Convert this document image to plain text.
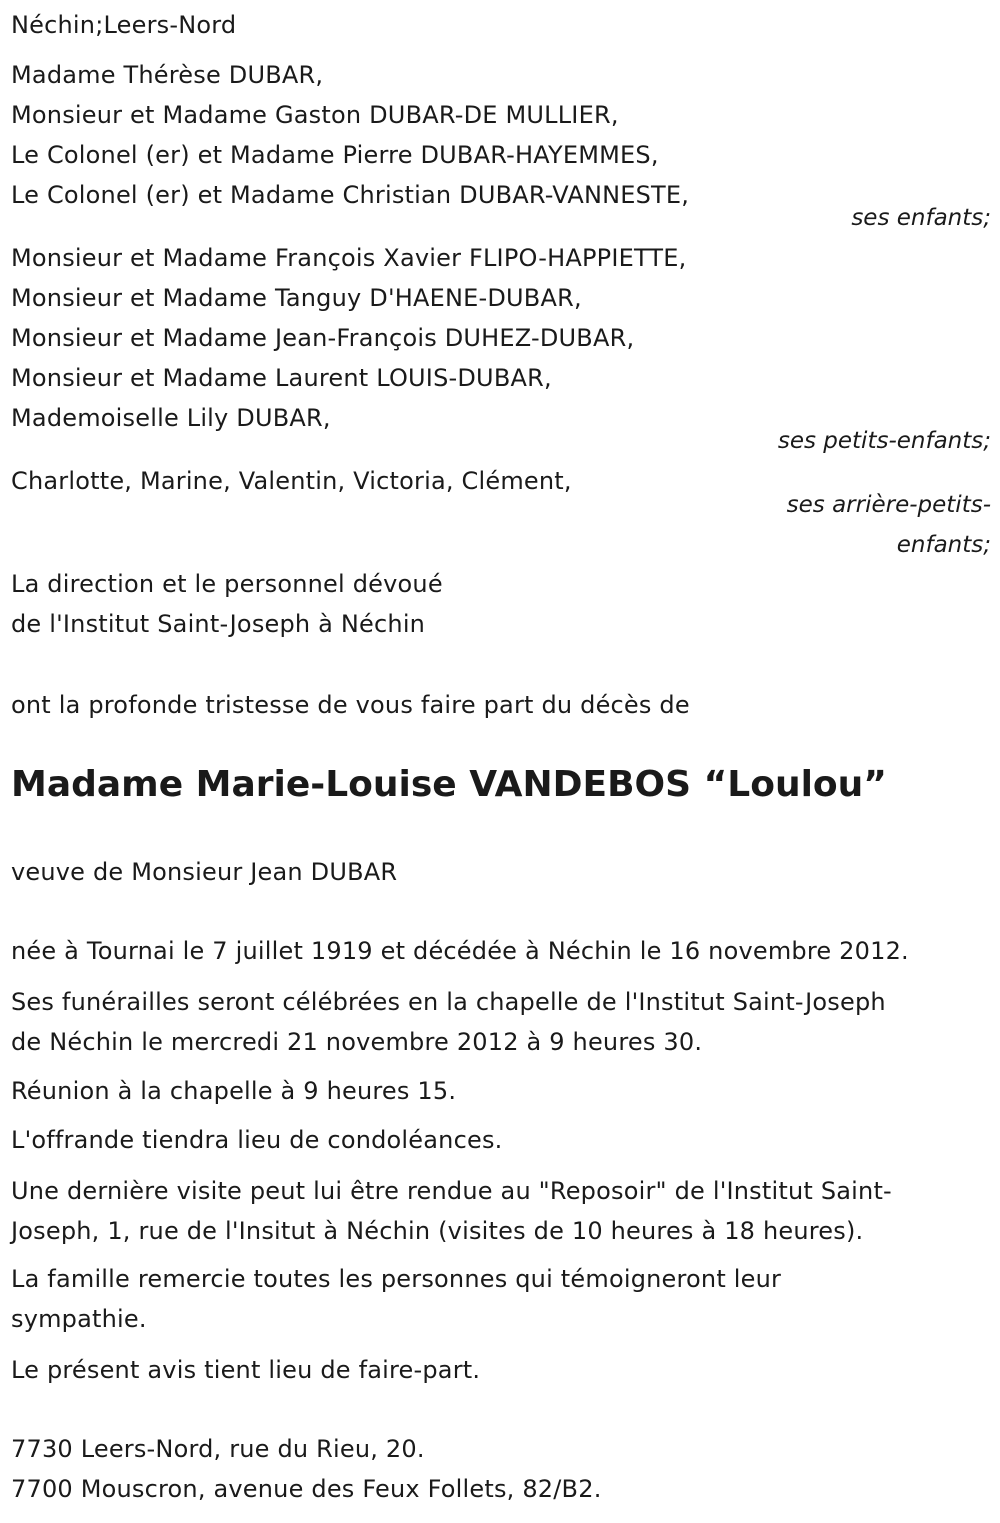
Néchin;Leers-Nord
Madame Thérèse DUBAR,
Monsieur et Madame Gaston DUBAR-DE MULLIER,
Le Colonel (er) et Madame Pierre DUBAR-HAYEMMES,
Le Colonel (er) et Madame Christian DUBAR-VANNESTE,
ses enfants;
Monsieur et Madame François Xavier FLIPO-HAPPIETTE,
Monsieur et Madame Tanguy D'HAENE-DUBAR,
Monsieur et Madame Jean-François DUHEZ-DUBAR,
Monsieur et Madame Laurent LOUIS-DUBAR,
Mademoiselle Lily DUBAR,
ses petits-enfants;
Charlotte, Marine, Valentin, Victoria, Clément,
ses arrière-petits-
enfants;
La direction et le personnel dévoué
de l'Institut Saint-Joseph à Néchin
ont la profonde tristesse de vous faire part du décès de
Madame Marie-Louise VANDEBOS “Loulou”
veuve de Monsieur Jean DUBAR
née à Tournai le 7 juillet 1919 et décédée à Néchin le 16 novembre 2012.
Ses funérailles seront célébrées en la chapelle de l'Institut Saint-Joseph
de Néchin le mercredi 21 novembre 2012 à 9 heures 30.
Réunion à la chapelle à 9 heures 15.
L'offrande tiendra lieu de condoléances.
Une dernière visite peut lui être rendue au "Reposoir" de l'Institut Saint-
Joseph, 1, rue de l'Insitut à Néchin (visites de 10 heures à 18 heures).
La famille remercie toutes les personnes qui témoigneront leur
sympathie.
Le présent avis tient lieu de faire-part.
7730 Leers-Nord, rue du Rieu, 20.
7700 Mouscron, avenue des Feux Follets, 82/B2.
